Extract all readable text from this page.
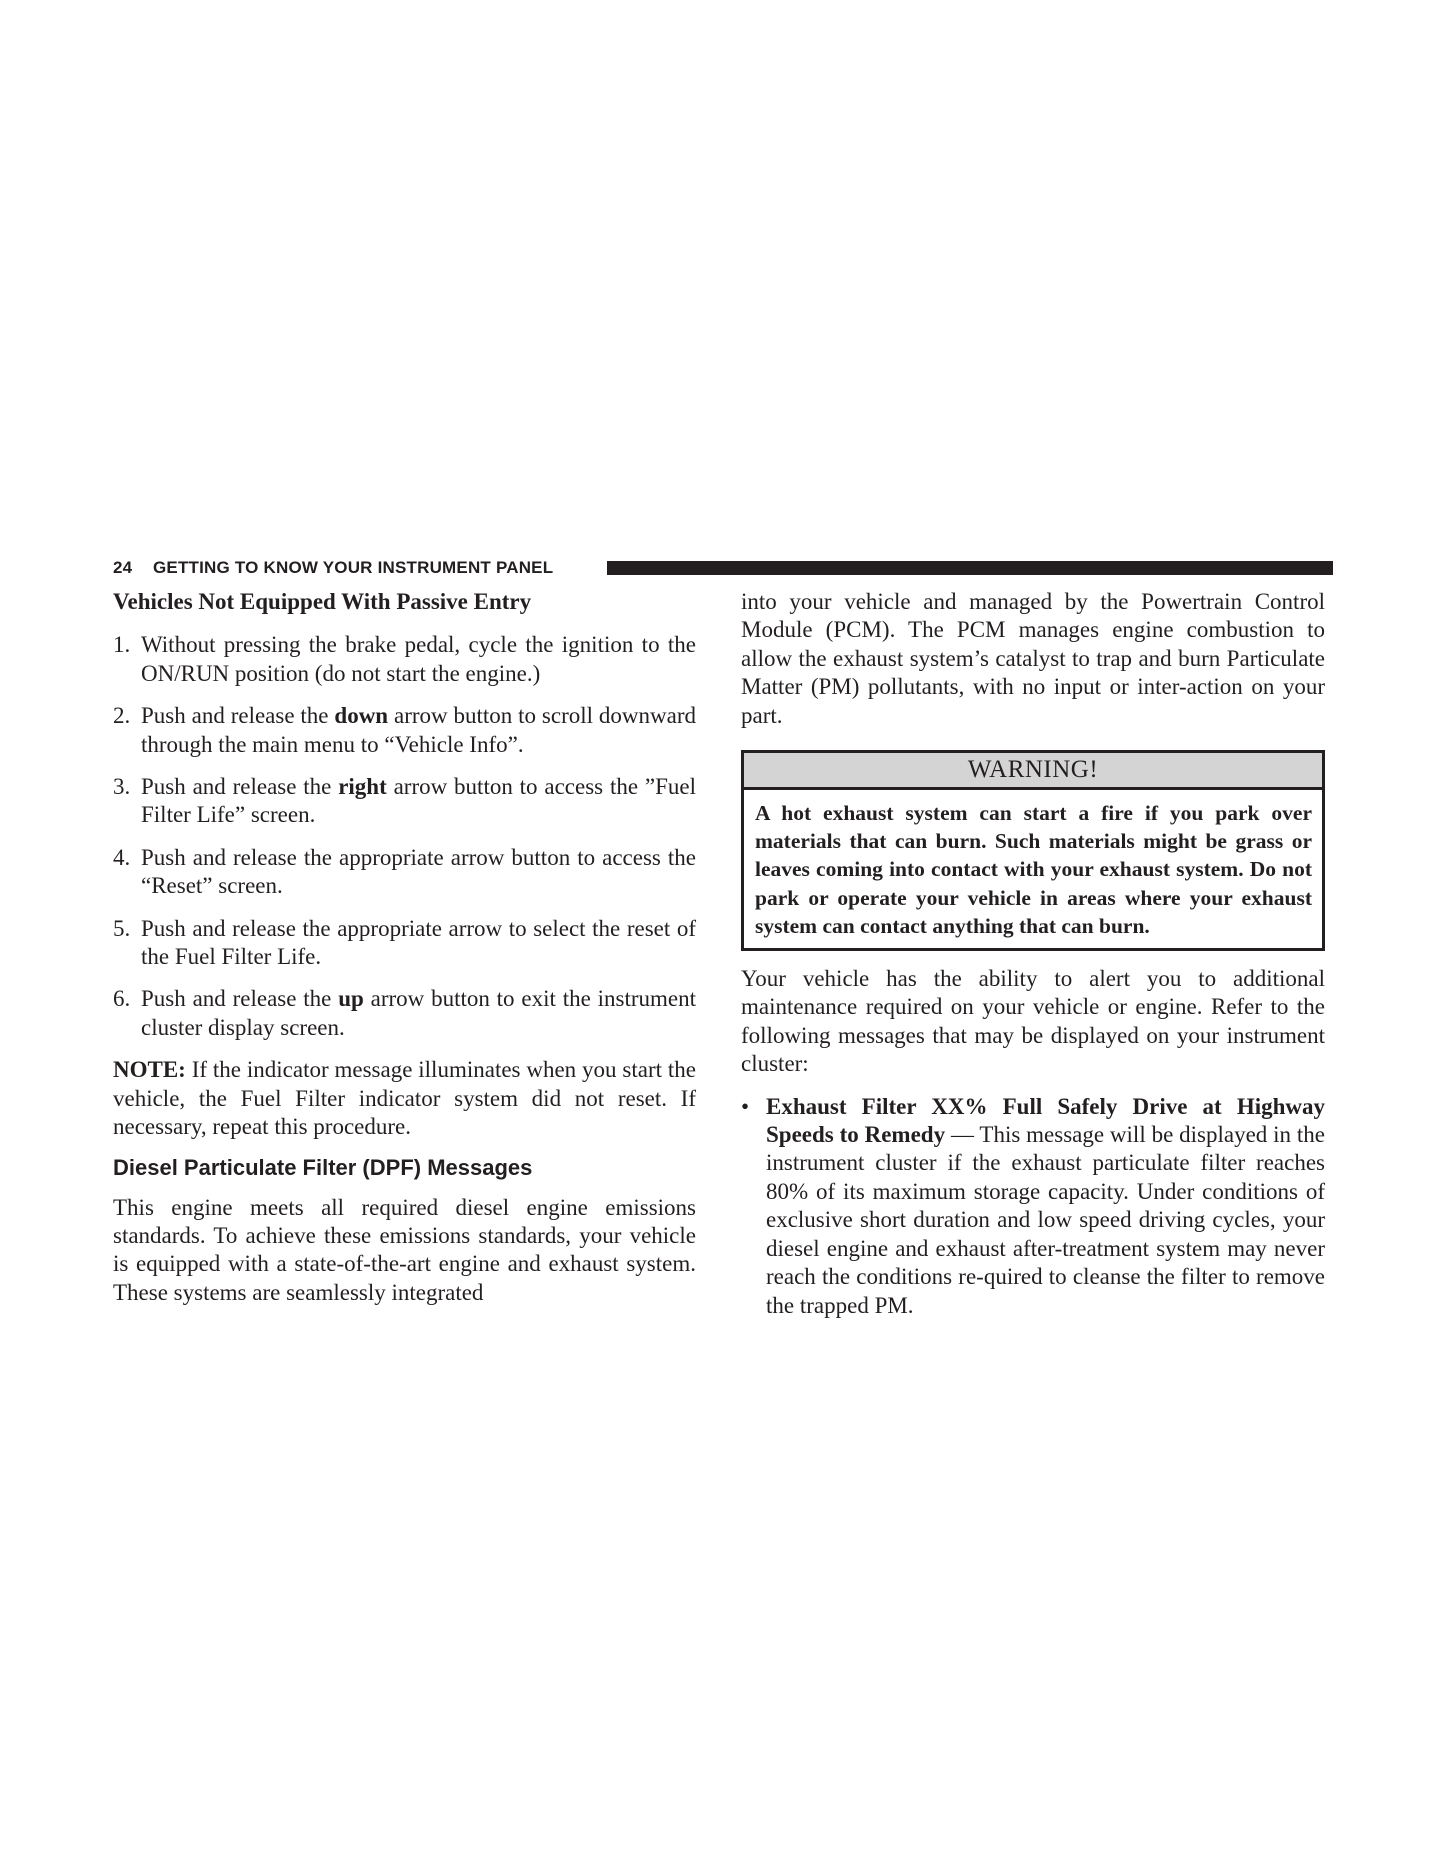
24 GETTING TO KNOW YOUR INSTRUMENT PANEL

Vehicles Not Equipped With Passive Entry

1. Without pressing the brake pedal, cycle the ignition to the ON/RUN position (do not start the engine.)
2. Push and release the down arrow button to scroll downward through the main menu to “Vehicle Info”.
3. Push and release the right arrow button to access the ”Fuel Filter Life” screen.
4. Push and release the appropriate arrow button to access the “Reset” screen.
5. Push and release the appropriate arrow to select the reset of the Fuel Filter Life.
6. Push and release the up arrow button to exit the instrument cluster display screen.

NOTE: If the indicator message illuminates when you start the vehicle, the Fuel Filter indicator system did not reset. If necessary, repeat this procedure.

Diesel Particulate Filter (DPF) Messages

This engine meets all required diesel engine emissions standards. To achieve these emissions standards, your vehicle is equipped with a state-of-the-art engine and exhaust system. These systems are seamlessly integrated

into your vehicle and managed by the Powertrain Control Module (PCM). The PCM manages engine combustion to allow the exhaust system’s catalyst to trap and burn Particulate Matter (PM) pollutants, with no input or inter-action on your part.

WARNING!
A hot exhaust system can start a fire if you park over materials that can burn. Such materials might be grass or leaves coming into contact with your exhaust system. Do not park or operate your vehicle in areas where your exhaust system can contact anything that can burn.

Your vehicle has the ability to alert you to additional maintenance required on your vehicle or engine. Refer to the following messages that may be displayed on your instrument cluster:

• Exhaust Filter XX% Full Safely Drive at Highway Speeds to Remedy — This message will be displayed in the instrument cluster if the exhaust particulate filter reaches 80% of its maximum storage capacity. Under conditions of exclusive short duration and low speed driving cycles, your diesel engine and exhaust after-treatment system may never reach the conditions re-quired to cleanse the filter to remove the trapped PM.
